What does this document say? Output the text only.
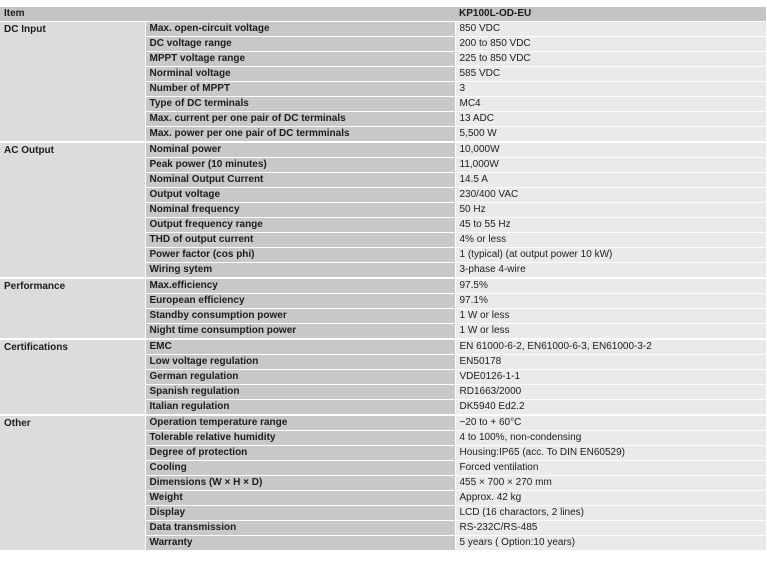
Item		KP100L-OD-EU
DC Input	Max. open-circuit voltage	850 VDC
	DC voltage range	200 to 850 VDC
	MPPT voltage range	225 to 850 VDC
	Norminal voltage	585 VDC
	Number of MPPT	3
	Type of DC terminals	MC4
	Max. current per one pair of DC terminals	13 ADC
	Max. power per one pair of DC termminals	5,500 W
AC Output	Nominal power	10,000W
	Peak power (10 minutes)	11,000W
	Nominal Output Current	14.5 A
	Output voltage	230/400 VAC
	Nominal frequency	50 Hz
	Output frequency range	45 to 55 Hz
	THD of output current	4% or less
	Power factor (cos phi)	1 (typical) (at output power 10 kW)
	Wiring sytem	3-phase 4-wire
Performance	Max.efficiency	97.5%
	European efficiency	97.1%
	Standby consumption power	1 W or less
	Night time consumption power	1 W or less
Certifications	EMC	EN 61000-6-2, EN61000-6-3, EN61000-3-2
	Low voltage regulation	EN50178
	German regulation	VDE0126-1-1
	Spanish regulation	RD1663/2000
	Italian regulation	DK5940 Ed2.2
Other	Operation temperature range	−20 to + 60°C
	Tolerable relative humidity	4 to 100%, non-condensing
	Degree of protection	Housing:IP65 (acc. To DIN EN60529)
	Cooling	Forced ventilation
	Dimensions (W × H × D)	455 × 700 × 270 mm
	Weight	Approx. 42 kg
	Display	LCD (16 charactors, 2 lines)
	Data transmission	RS-232C/RS-485
	Warranty	5 years ( Option:10 years)
